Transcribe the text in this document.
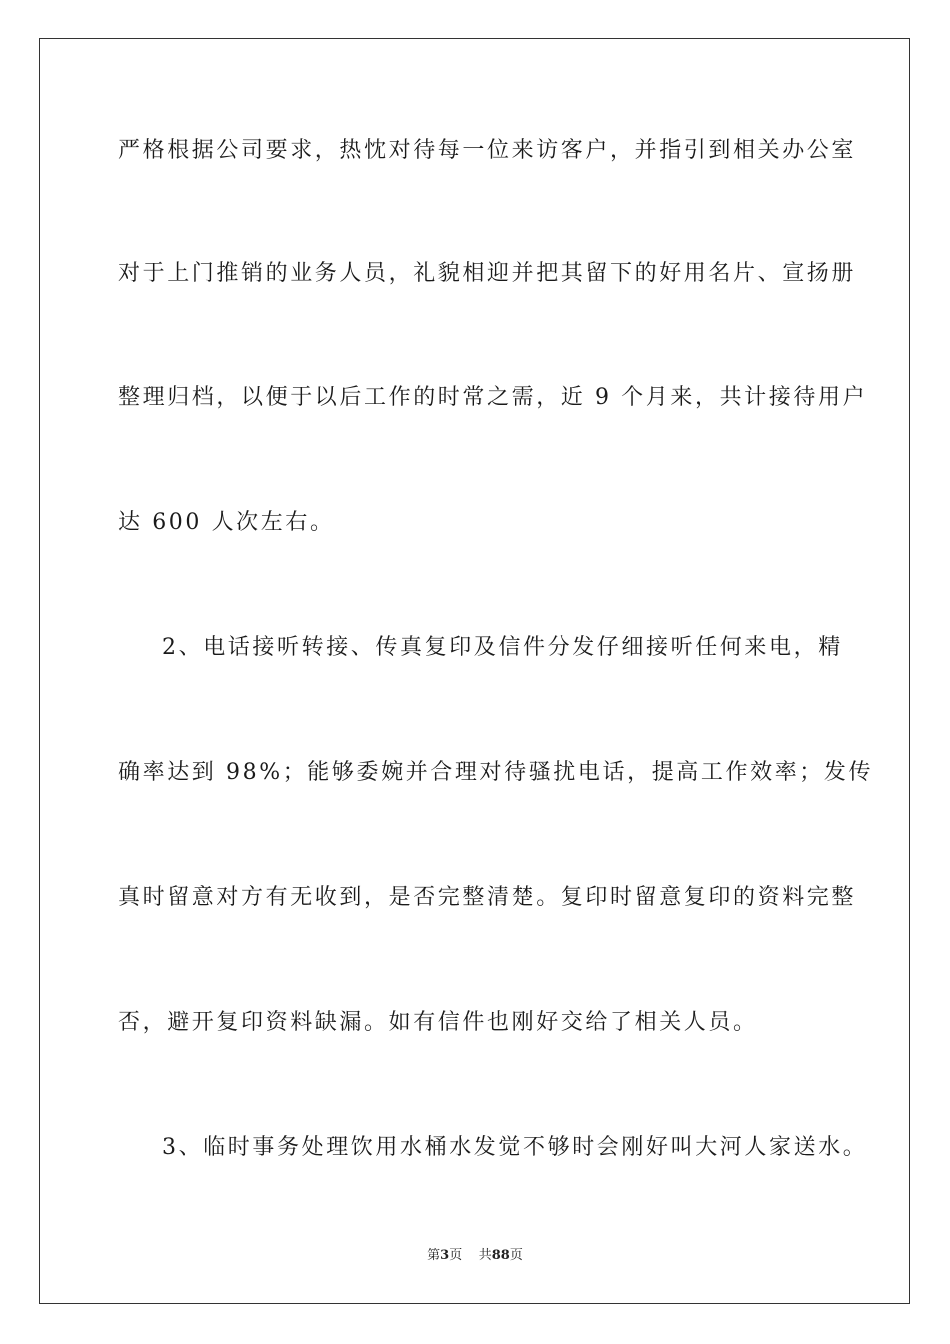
严格根据公司要求，热忱对待每一位来访客户，并指引到相关办公室
对于上门推销的业务人员，礼貌相迎并把其留下的好用名片、宣扬册
整理归档，以便于以后工作的时常之需，近 9 个月来，共计接待用户
达 600 人次左右。
2、电话接听转接、传真复印及信件分发仔细接听任何来电，精
确率达到 98%；能够委婉并合理对待骚扰电话，提高工作效率；发传
真时留意对方有无收到，是否完整清楚。复印时留意复印的资料完整
否，避开复印资料缺漏。如有信件也刚好交给了相关人员。
3、临时事务处理饮用水桶水发觉不够时会刚好叫大河人家送水。
第3页 共88页
